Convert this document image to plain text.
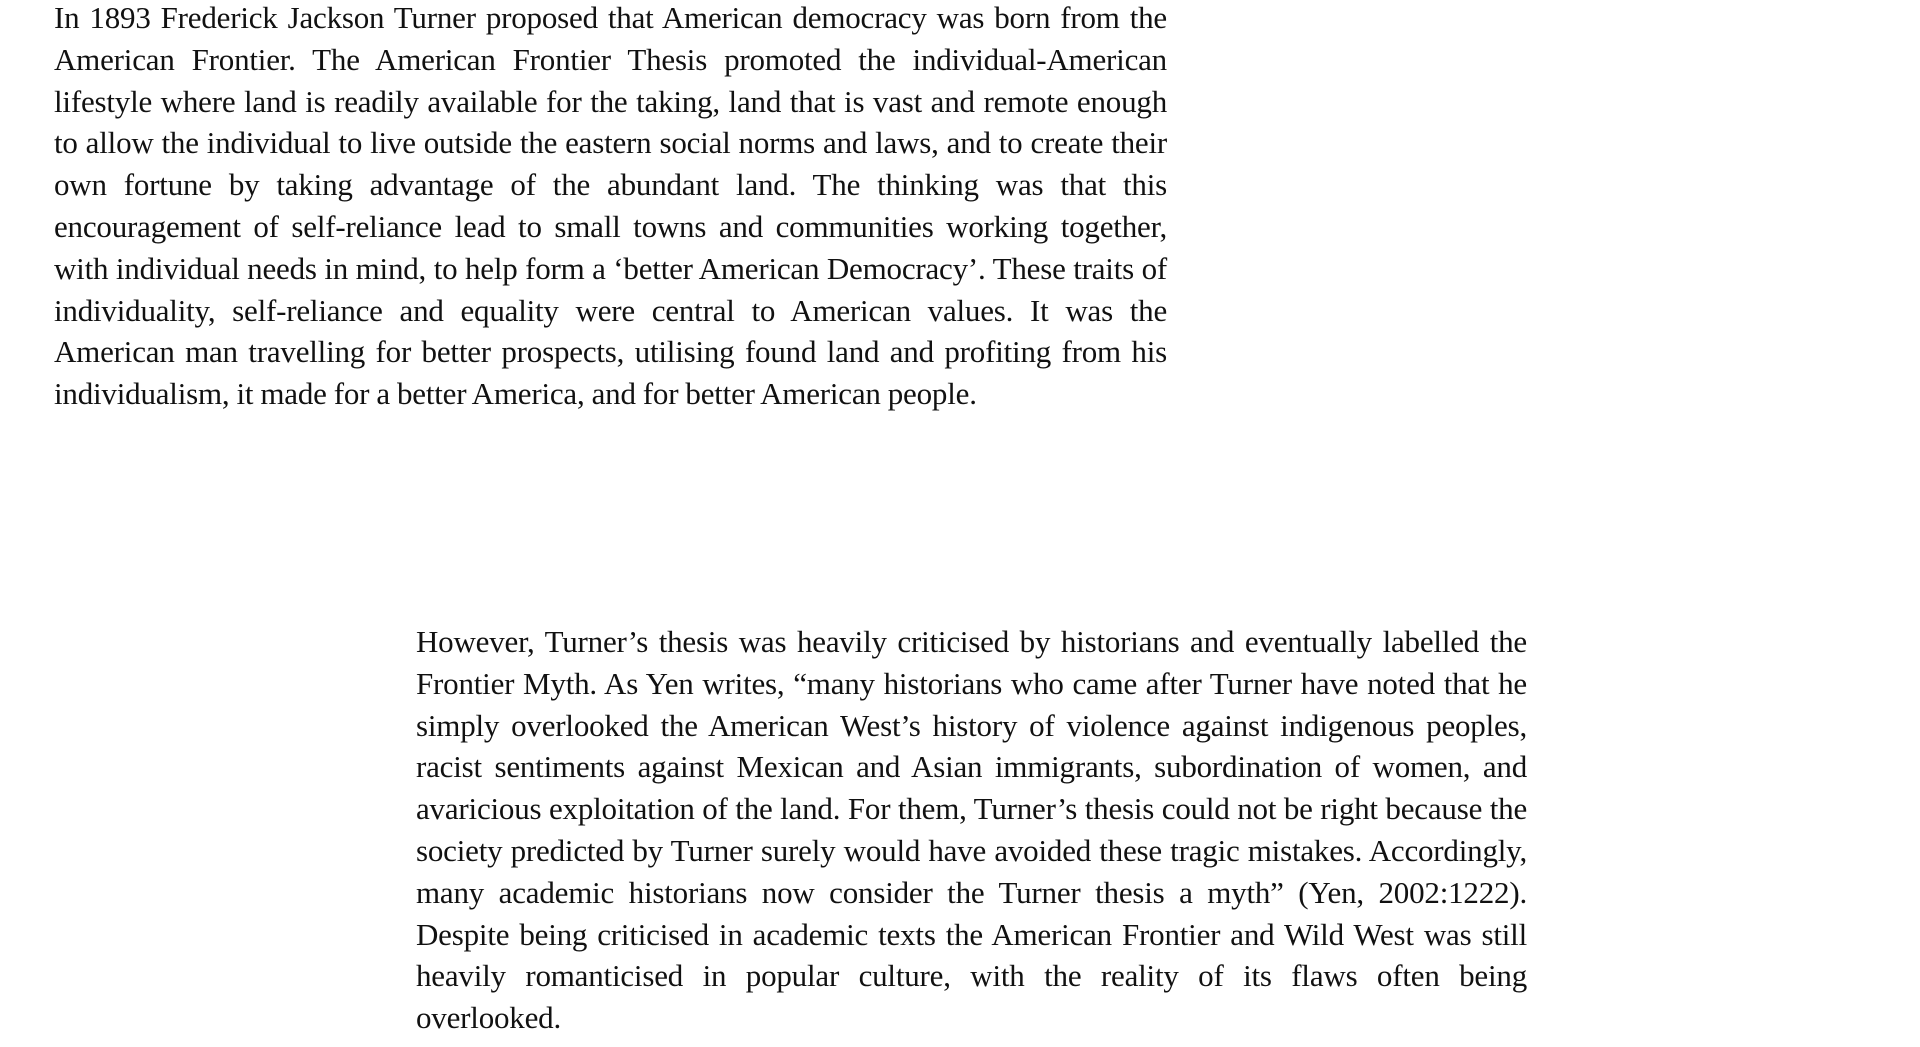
In 1893 Frederick Jackson Turner proposed that American democracy was born from the American Frontier. The American Frontier Thesis promoted the individual-American lifestyle where land is readily available for the taking, land that is vast and remote enough to allow the individual to live outside the eastern social norms and laws, and to create their own fortune by taking advantage of the abundant land. The thinking was that this encouragement of self-reliance lead to small towns and communities working together, with individual needs in mind, to help form a ‘better American Democracy’. These traits of individuality, self-reliance and equality were central to American values. It was the American man travelling for better prospects, utilising found land and profiting from his individualism, it made for a better America, and for better American people.

However, Turner’s thesis was heavily criticised by historians and eventually labelled the Frontier Myth. As Yen writes, “many historians who came after Turner have noted that he simply overlooked the American West’s history of violence against indigenous peoples, racist sentiments against Mexican and Asian immigrants, subordination of women, and avaricious exploitation of the land. For them, Turner’s thesis could not be right because the society predicted by Turner surely would have avoided these tragic mistakes. Accordingly, many academic historians now consider the Turner thesis a myth” (Yen, 2002:1222). Despite being criticised in academic texts the American Frontier and Wild West was still heavily romanticised in popular culture, with the reality of its flaws often being overlooked.
